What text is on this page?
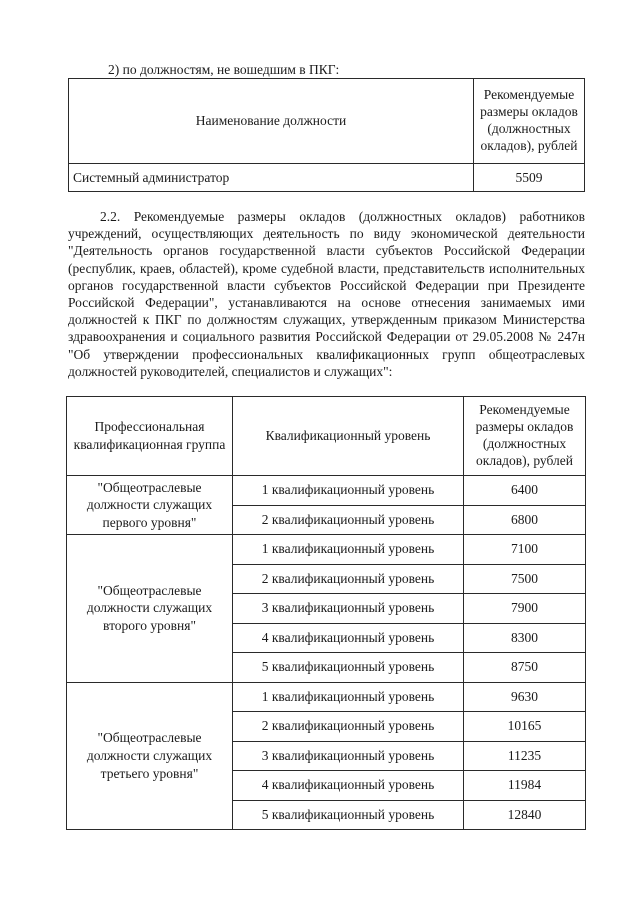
2) по должностям, не вошедшим в ПКГ:
Наименование должности	Рекомендуемые размеры окладов (должностных окладов), рублей
Системный администратор	5509
2.2. Рекомендуемые размеры окладов (должностных окладов) работников учреждений, осуществляющих деятельность по виду экономической деятельности "Деятельность органов государственной власти субъектов Российской Федерации (республик, краев, областей), кроме судебной власти, представительств исполнительных органов государственной власти субъектов Российской Федерации при Президенте Российской Федерации", устанавливаются на основе отнесения занимаемых ими должностей к ПКГ по должностям служащих, утвержденным приказом Министерства здравоохранения и социального развития Российской Федерации от 29.05.2008 № 247н "Об утверждении профессиональных квалификационных групп общеотраслевых должностей руководителей, специалистов и служащих":
Профессиональная квалификационная группа	Квалификационный уровень	Рекомендуемые размеры окладов (должностных окладов), рублей
"Общеотраслевые должности служащих первого уровня"	1 квалификационный уровень	6400
	2 квалификационный уровень	6800
"Общеотраслевые должности служащих второго уровня"	1 квалификационный уровень	7100
	2 квалификационный уровень	7500
	3 квалификационный уровень	7900
	4 квалификационный уровень	8300
	5 квалификационный уровень	8750
"Общеотраслевые должности служащих третьего уровня"	1 квалификационный уровень	9630
	2 квалификационный уровень	10165
	3 квалификационный уровень	11235
	4 квалификационный уровень	11984
	5 квалификационный уровень	12840
